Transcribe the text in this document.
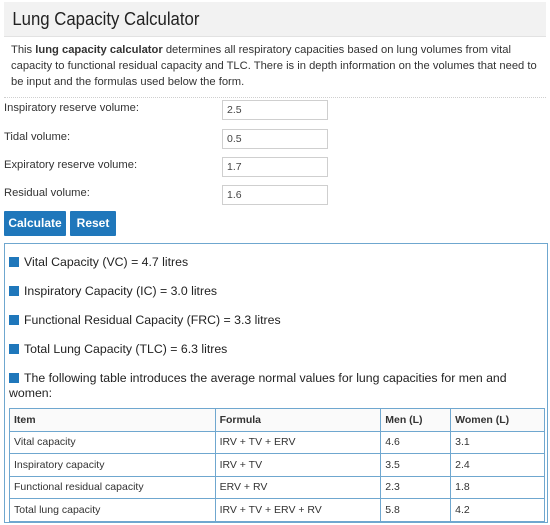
Lung Capacity Calculator
This lung capacity calculator determines all respiratory capacities based on lung volumes from vital capacity to functional residual capacity and TLC. There is in depth information on the volumes that need to be input and the formulas used below the form.
Inspiratory reserve volume:
2.5
Tidal volume:
0.5
Expiratory reserve volume:
1.7
Residual volume:
1.6
Calculate	Reset
Vital Capacity (VC) = 4.7 litres
Inspiratory Capacity (IC) = 3.0 litres
Functional Residual Capacity (FRC) = 3.3 litres
Total Lung Capacity (TLC) = 6.3 litres
The following table introduces the average normal values for lung capacities for men and women:
Item	Formula	Men (L)	Women (L)
Vital capacity	IRV + TV + ERV	4.6	3.1
Inspiratory capacity	IRV + TV	3.5	2.4
Functional residual capacity	ERV + RV	2.3	1.8
Total lung capacity	IRV + TV + ERV + RV	5.8	4.2
